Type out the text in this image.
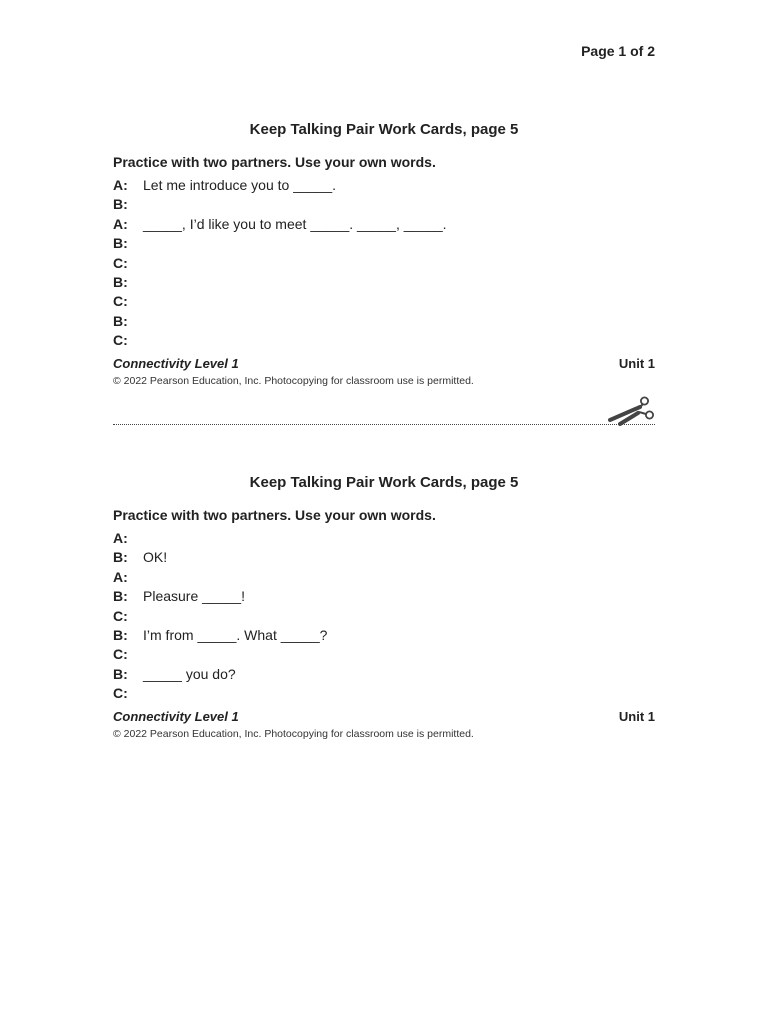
Page 1 of 2
Keep Talking Pair Work Cards, page 5
Practice with two partners. Use your own words.
A:	Let me introduce you to _____.
B:
A:	_____, I’d like you to meet _____. _____, _____.
B:
C:
B:
C:
B:
C:
Connectivity Level 1	Unit 1
© 2022 Pearson Education, Inc. Photocopying for classroom use is permitted.
Keep Talking Pair Work Cards, page 5
Practice with two partners. Use your own words.
A:
B:	OK!
A:
B:	Pleasure _____!
C:
B:	I’m from _____. What _____?
C:
B:	_____ you do?
C:
Connectivity Level 1	Unit 1
© 2022 Pearson Education, Inc. Photocopying for classroom use is permitted.
